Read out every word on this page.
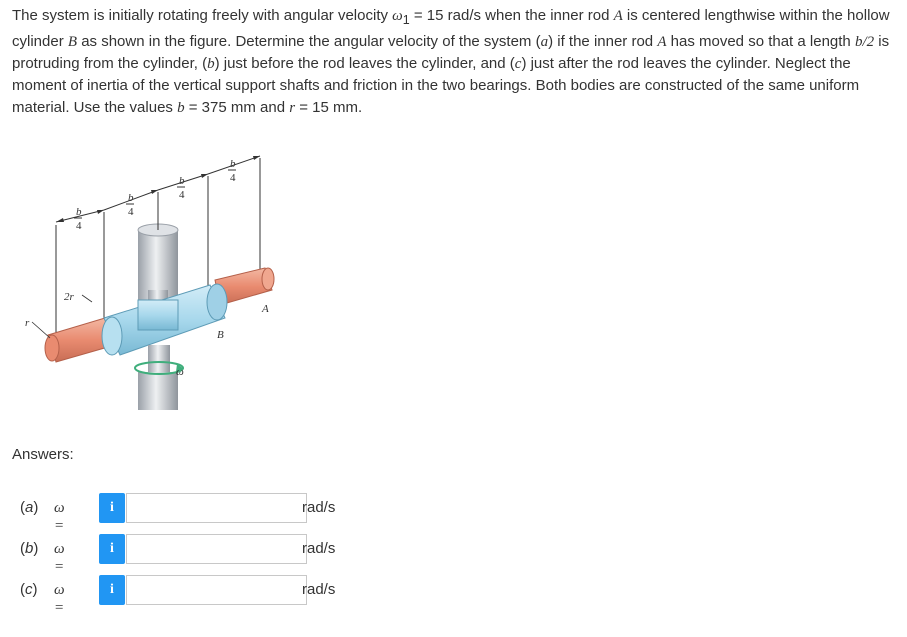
The system is initially rotating freely with angular velocity $\omega_1 = 15$ rad/s when the inner rod A is centered lengthwise within the hollow cylinder B as shown in the figure. Determine the angular velocity of the system (a) if the inner rod A has moved so that a length b/2 is protruding from the cylinder, (b) just before the rod leaves the cylinder, and (c) just after the rod leaves the cylinder. Neglect the moment of inertia of the vertical support shafts and friction in the two bearings. Both bodies are constructed of the same uniform material. Use the values b = 375 mm and r = 15 mm.
b
4
b
4
b
4
b
4
2r
r
A
B
ω
Answers:
(a) ω =
i	rad/s
(b) ω =
i	rad/s
(c) ω =
i	rad/s
